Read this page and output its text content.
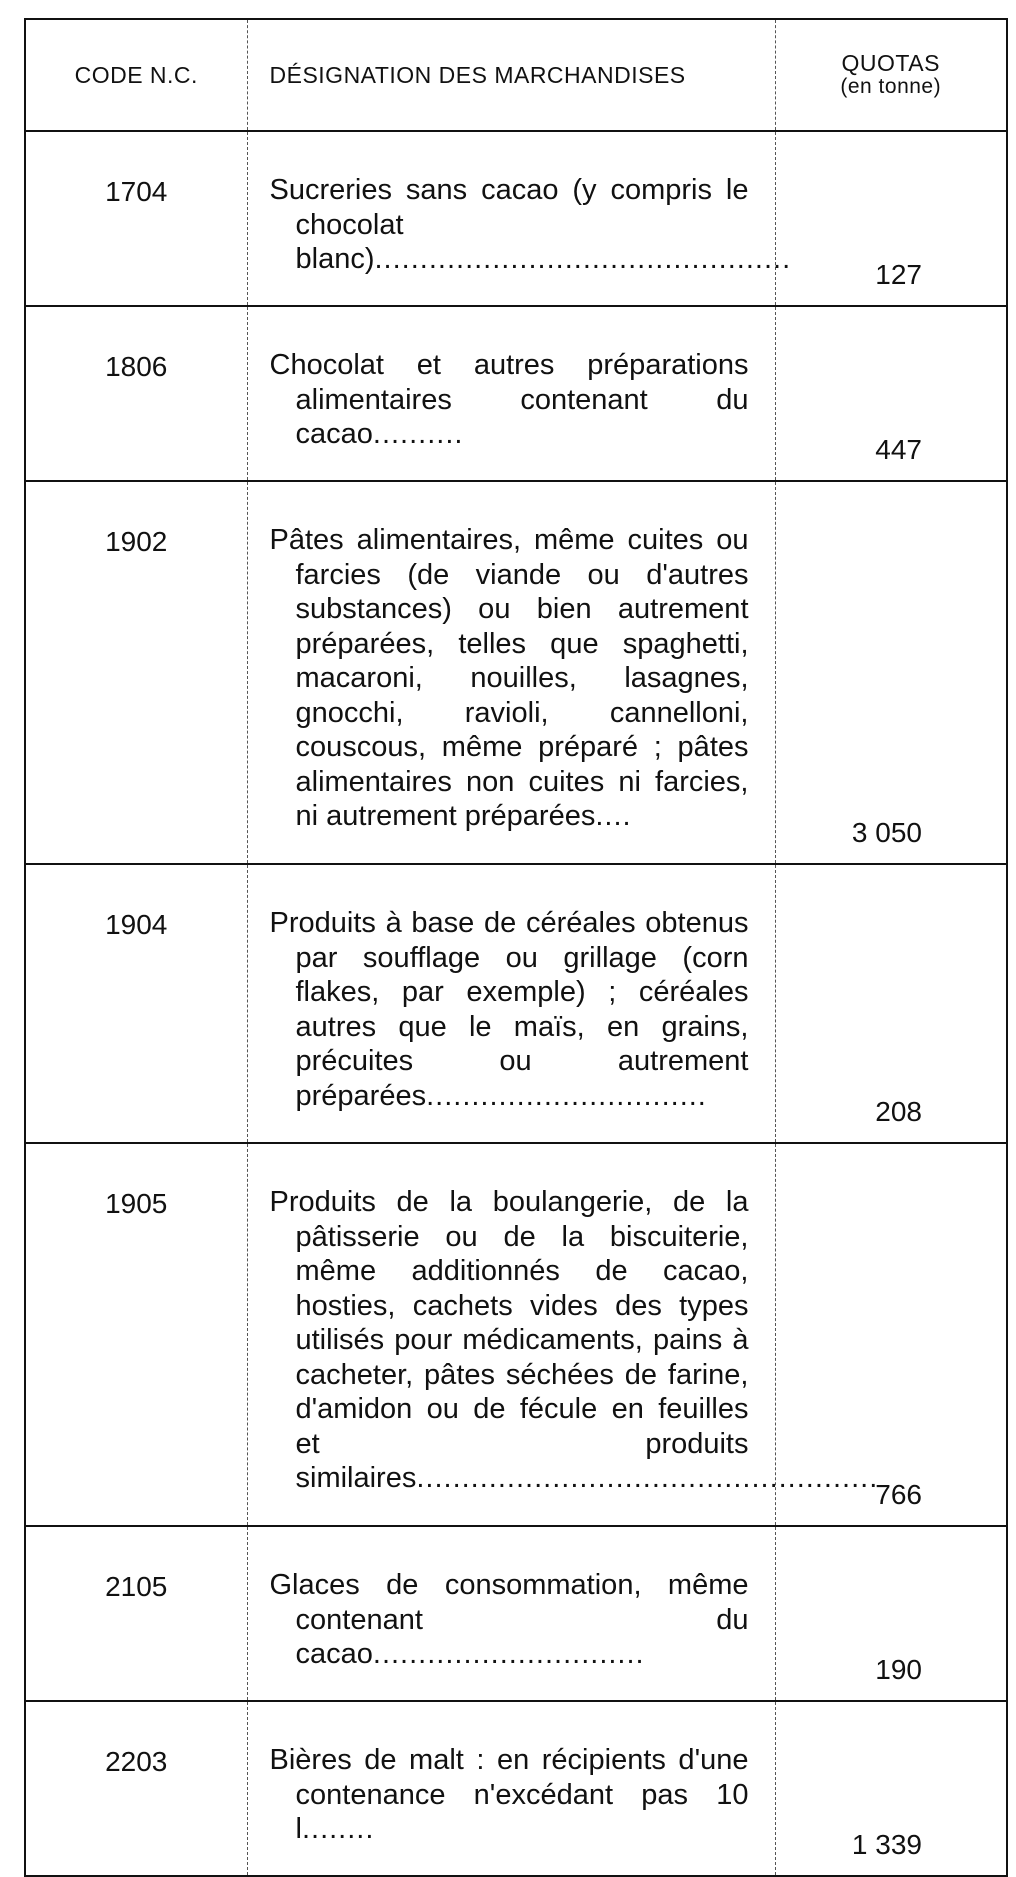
CODE N.C.	DÉSIGNATION DES MARCHANDISES	QUOTAS
(en tonne)

1704	Sucreries sans cacao (y compris le chocolat blanc)..............................................	127
1806	Chocolat et autres préparations alimentaires contenant du cacao..........	447
1902	Pâtes alimentaires, même cuites ou farcies (de viande ou d'autres substances) ou bien autrement préparées, telles que spaghetti, macaroni, nouilles, lasagnes, gnocchi, ravioli, cannelloni, couscous, même préparé ; pâtes alimentaires non cuites ni farcies, ni autrement préparées....	3 050
1904	Produits à base de céréales obtenus par soufflage ou grillage (corn flakes, par exemple) ; céréales autres que le maïs, en grains, précuites ou autrement préparées...............................	208
1905	Produits de la boulangerie, de la pâtisserie ou de la biscuiterie, même additionnés de cacao, hosties, cachets vides des types utilisés pour médicaments, pains à cacheter, pâtes séchées de farine, d'amidon ou de fécule en feuilles et produits similaires...................................................	766
2105	Glaces de consommation, même contenant du cacao..............................	190
2203	Bières de malt : en récipients d'une contenance n'excédant pas 10 l........	1 339
